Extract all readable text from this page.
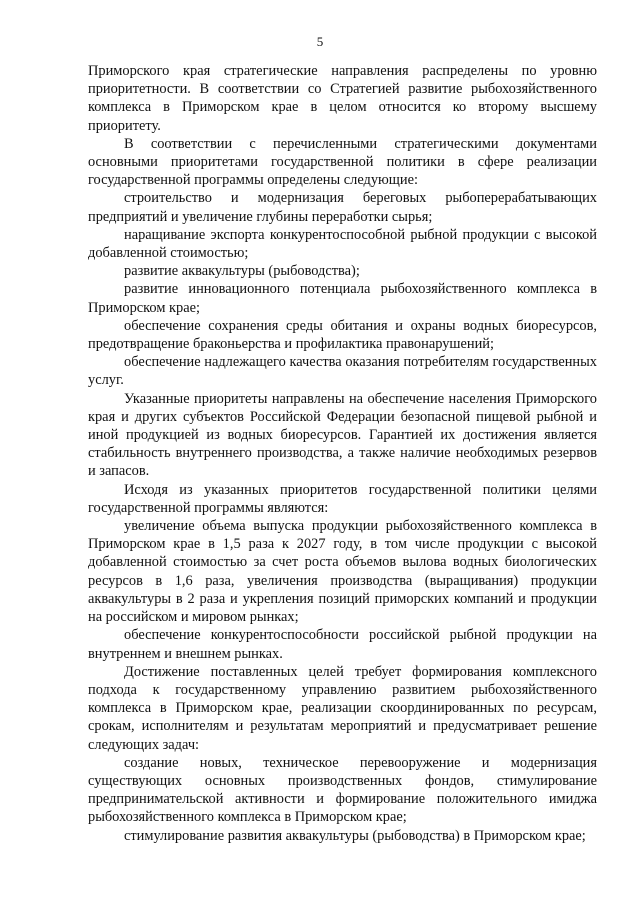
5

Приморского края стратегические направления распределены по уровню приоритетности. В соответствии со Стратегией развитие рыбохозяйственного комплекса в Приморском крае в целом относится ко второму высшему приоритету.

В соответствии с перечисленными стратегическими документами основными приоритетами государственной политики в сфере реализации государственной программы определены следующие:

строительство и модернизация береговых рыбоперерабатывающих предприятий и увеличение глубины переработки сырья;

наращивание экспорта конкурентоспособной рыбной продукции с высокой добавленной стоимостью;

развитие аквакультуры (рыбоводства);

развитие инновационного потенциала рыбохозяйственного комплекса в Приморском крае;

обеспечение сохранения среды обитания и охраны водных биоресурсов, предотвращение браконьерства и профилактика правонарушений;

обеспечение надлежащего качества оказания потребителям государственных услуг.

Указанные приоритеты направлены на обеспечение населения Приморского края и других субъектов Российской Федерации безопасной пищевой рыбной и иной продукцией из водных биоресурсов. Гарантией их достижения является стабильность внутреннего производства, а также наличие необходимых резервов и запасов.

Исходя из указанных приоритетов государственной политики целями государственной программы являются:

увеличение объема выпуска продукции рыбохозяйственного комплекса в Приморском крае в 1,5 раза к 2027 году, в том числе продукции с высокой добавленной стоимостью за счет роста объемов вылова водных биологических ресурсов в 1,6 раза, увеличения производства (выращивания) продукции аквакультуры в 2 раза и укрепления позиций приморских компаний и продукции на российском и мировом рынках;

обеспечение конкурентоспособности российской рыбной продукции на внутреннем и внешнем рынках.

Достижение поставленных целей требует формирования комплексного подхода к государственному управлению развитием рыбохозяйственного комплекса в Приморском крае, реализации скоординированных по ресурсам, срокам, исполнителям и результатам мероприятий и предусматривает решение следующих задач:

создание новых, техническое перевооружение и модернизация существующих основных производственных фондов, стимулирование предпринимательской активности и формирование положительного имиджа рыбохозяйственного комплекса в Приморском крае;

стимулирование развития аквакультуры (рыбоводства) в Приморском крае;
